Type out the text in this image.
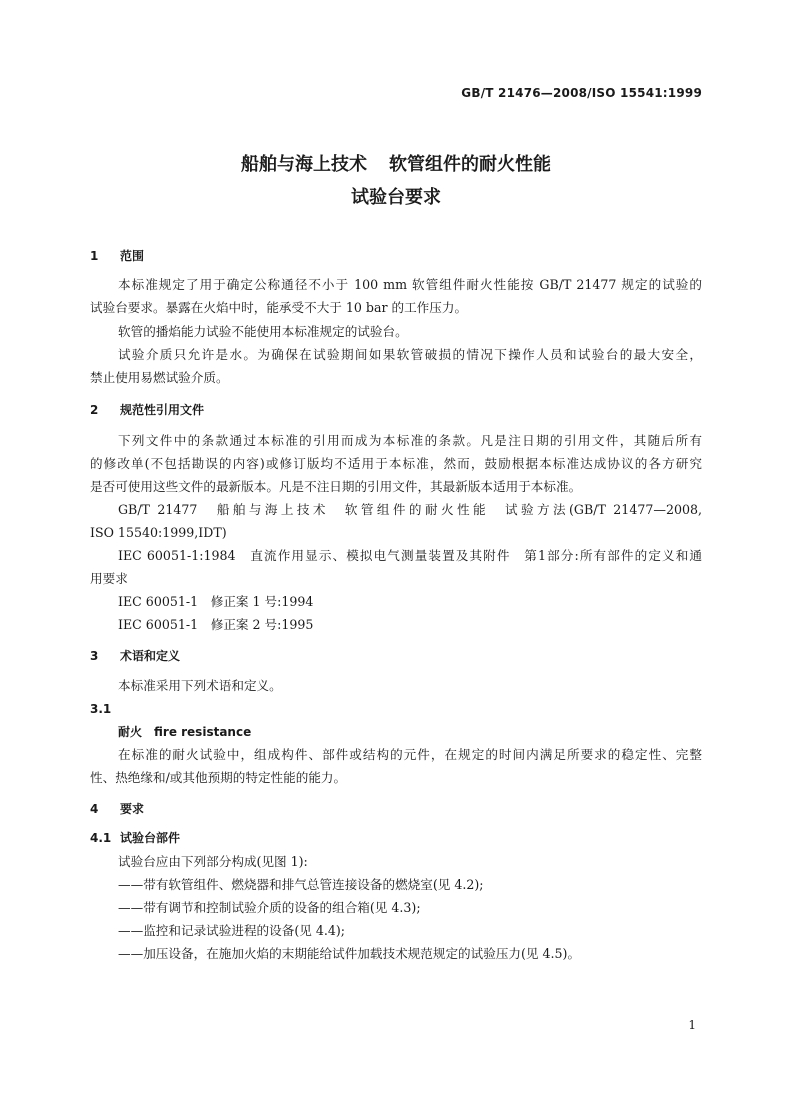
GB/T 21476—2008/ISO 15541:1999
船舶与海上技术 软管组件的耐火性能
试验台要求
1 范围
本标准规定了用于确定公称通径不小于 100 mm 软管组件耐火性能按 GB/T 21477 规定的试验的
试验台要求。暴露在火焰中时，能承受不大于 10 bar 的工作压力。
软管的播焰能力试验不能使用本标准规定的试验台。
试验介质只允许是水。为确保在试验期间如果软管破损的情况下操作人员和试验台的最大安全，
禁止使用易燃试验介质。
2 规范性引用文件
下列文件中的条款通过本标准的引用而成为本标准的条款。凡是注日期的引用文件，其随后所有
的修改单(不包括勘误的内容)或修订版均不适用于本标准，然而，鼓励根据本标准达成协议的各方研究
是否可使用这些文件的最新版本。凡是不注日期的引用文件，其最新版本适用于本标准。
GB/T 21477　船舶与海上技术　软管组件的耐火性能　试验方法(GB/T 21477—2008,
ISO 15540:1999,IDT)
IEC 60051-1:1984　直流作用显示、模拟电气测量装置及其附件　第1部分:所有部件的定义和通
用要求
IEC 60051-1　修正案 1 号:1994
IEC 60051-1　修正案 2 号:1995
3 术语和定义
本标准采用下列术语和定义。
3.1
耐火　fire resistance
在标准的耐火试验中，组成构件、部件或结构的元件，在规定的时间内满足所要求的稳定性、完整
性、热绝缘和/或其他预期的特定性能的能力。
4 要求
4.1 试验台部件
试验台应由下列部分构成(见图 1):
——带有软管组件、燃烧器和排气总管连接设备的燃烧室(见 4.2);
——带有调节和控制试验介质的设备的组合箱(见 4.3);
——监控和记录试验进程的设备(见 4.4);
——加压设备，在施加火焰的末期能给试件加载技术规范规定的试验压力(见 4.5)。
1
